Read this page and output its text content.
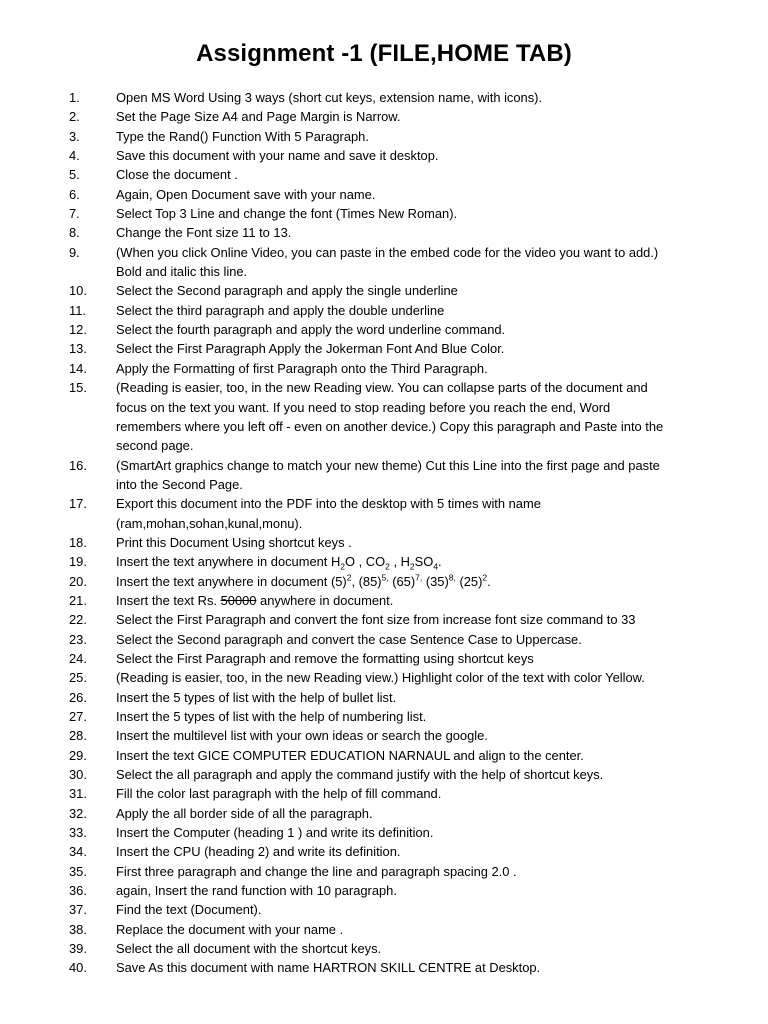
Assignment -1 (FILE,HOME TAB)
1.	Open MS Word Using 3 ways (short cut keys, extension name, with icons).
2.	Set the Page Size A4 and Page Margin is Narrow.
3.	Type the Rand() Function With 5 Paragraph.
4.	Save this document with your name and save it desktop.
5.	Close the document .
6.	Again, Open Document save with your name.
7.	Select Top 3 Line and change the font (Times New Roman).
8.	Change the Font size 11 to 13.
9.	(When you click Online Video, you can paste in the embed code for the video you want to add.)
Bold and italic this line.
10.	Select the Second paragraph and apply the single underline
11.	Select the third paragraph and apply the double underline
12.	Select the fourth paragraph and apply the word underline command.
13.	Select the First Paragraph Apply the Jokerman Font And Blue Color.
14.	Apply the Formatting of first Paragraph onto the Third Paragraph.
15.	(Reading is easier, too, in the new Reading view. You can collapse parts of the document and
focus on the text you want. If you need to stop reading before you reach the end, Word
remembers where you left off - even on another device.) Copy this paragraph and Paste into the
second page.
16.	(SmartArt graphics change to match your new theme) Cut this Line into the first page and paste
into the Second Page.
17.	Export this document into the PDF into the desktop with 5 times with name
(ram,mohan,sohan,kunal,monu).
18.	Print this Document Using shortcut keys .
19.	Insert the text anywhere in document $H_2O$ , $CO_2$ , $H_2SO_4$.
20.	Insert the text anywhere in document $(5)^2$, $(85)^{5,}$ $(65)^{7,}$ $(35)^{8,}$ $(25)^2$.
21.	Insert the text Rs. 50000 anywhere in document.
22.	Select the First Paragraph and convert the font size from increase font size command to 33
23.	Select the Second paragraph and convert the case Sentence Case to Uppercase.
24.	Select the First Paragraph and remove the formatting using shortcut keys
25.	(Reading is easier, too, in the new Reading view.) Highlight color of the text with color Yellow.
26.	Insert the 5 types of list with the help of bullet list.
27.	Insert the 5 types of list with the help of numbering list.
28.	Insert the multilevel list with your own ideas or search the google.
29.	Insert the text GICE COMPUTER EDUCATION NARNAUL and align to the center.
30.	Select the all paragraph and apply the command justify with the help of shortcut keys.
31.	Fill the color last paragraph with the help of fill command.
32.	Apply the all border side of all the paragraph.
33.	Insert the Computer (heading 1 ) and write its definition.
34.	Insert the CPU (heading 2) and write its definition.
35.	First three paragraph and change the line and paragraph spacing 2.0 .
36.	again, Insert the rand function with 10 paragraph.
37.	Find the text (Document).
38.	Replace the document with your name .
39.	Select the all document with the shortcut keys.
40.	Save As this document with name HARTRON SKILL CENTRE at Desktop.
